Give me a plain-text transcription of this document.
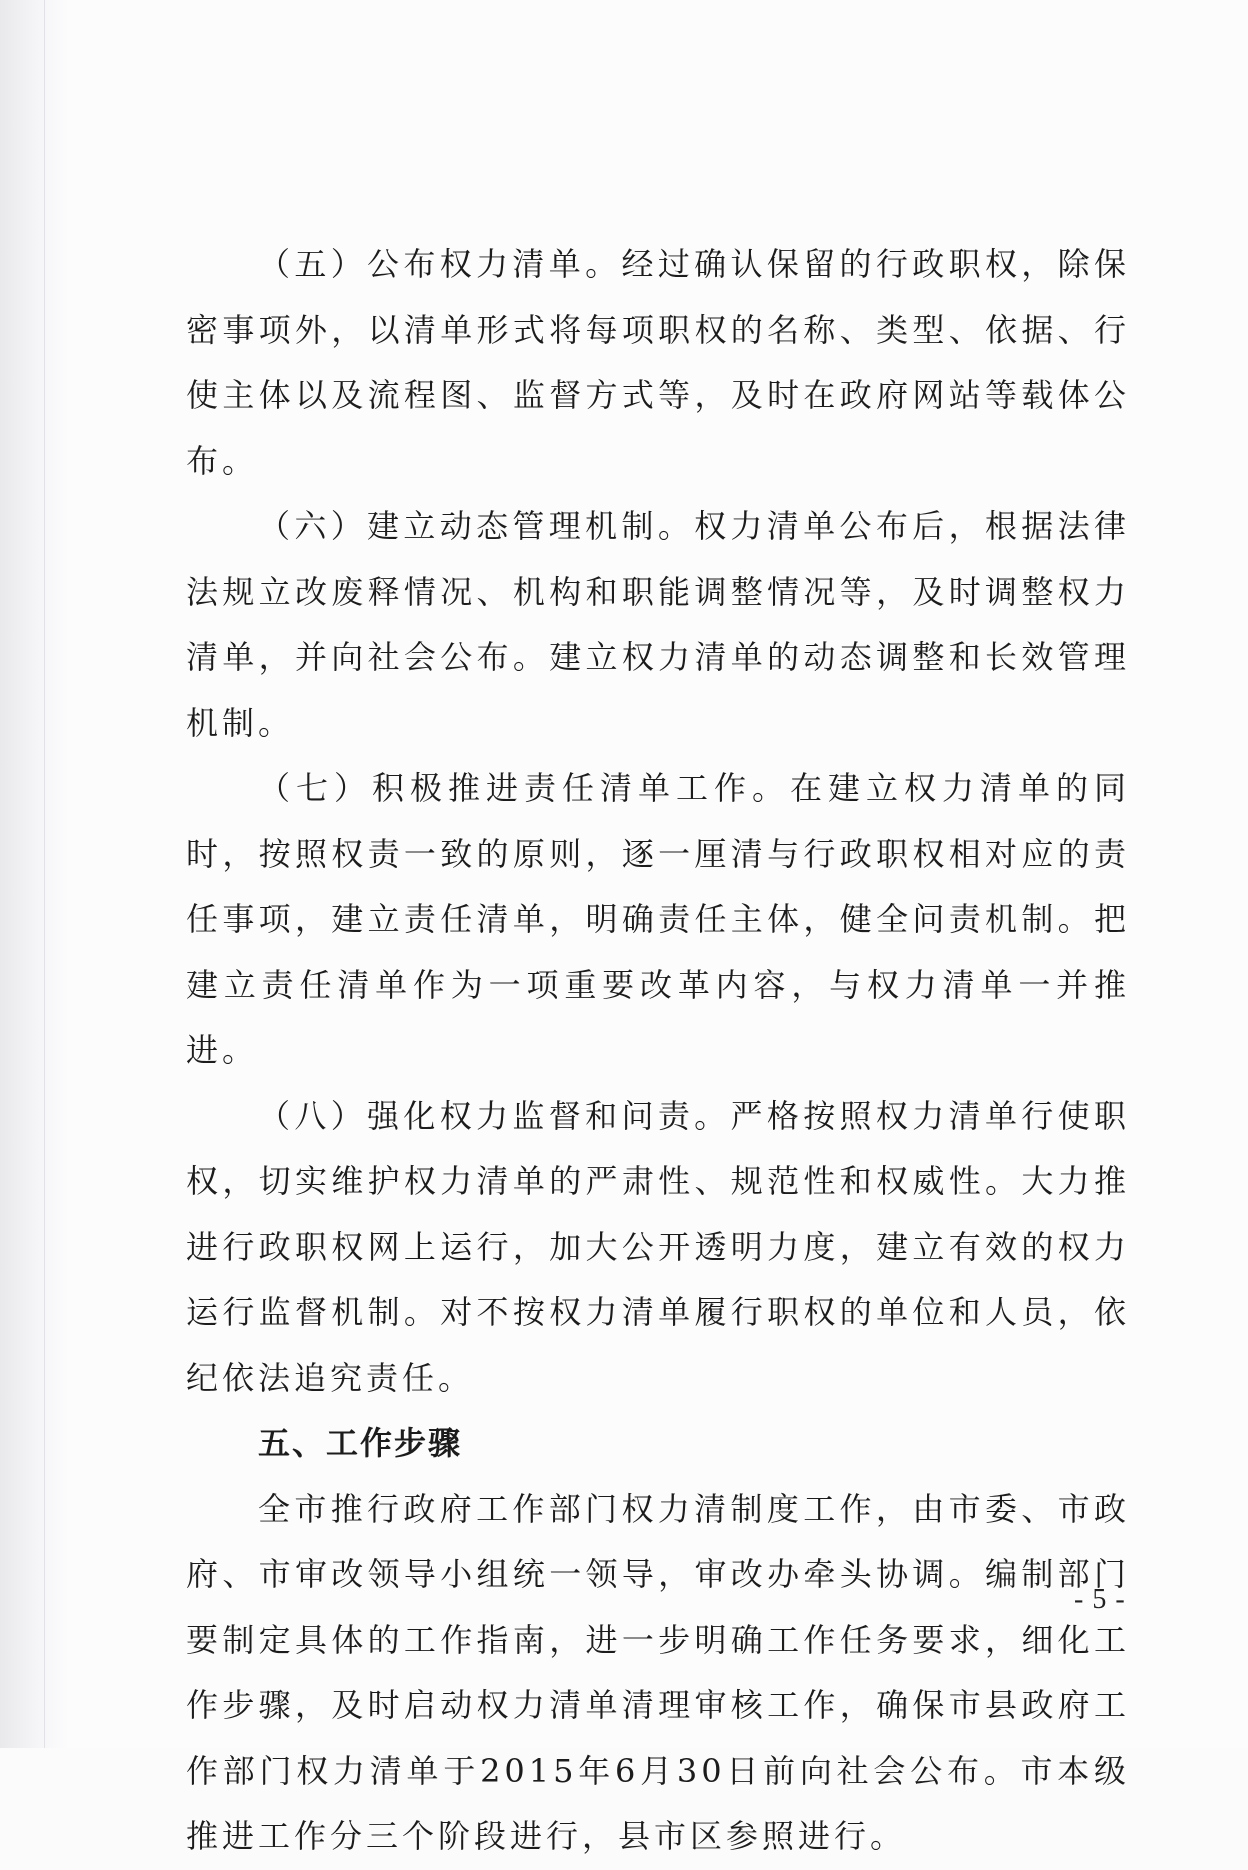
（五）公布权力清单。经过确认保留的行政职权，除保密事项外，以清单形式将每项职权的名称、类型、依据、行使主体以及流程图、监督方式等，及时在政府网站等载体公布。

（六）建立动态管理机制。权力清单公布后，根据法律法规立改废释情况、机构和职能调整情况等，及时调整权力清单，并向社会公布。建立权力清单的动态调整和长效管理机制。

（七）积极推进责任清单工作。在建立权力清单的同时，按照权责一致的原则，逐一厘清与行政职权相对应的责任事项，建立责任清单，明确责任主体，健全问责机制。把建立责任清单作为一项重要改革内容，与权力清单一并推进。

（八）强化权力监督和问责。严格按照权力清单行使职权，切实维护权力清单的严肃性、规范性和权威性。大力推进行政职权网上运行，加大公开透明力度，建立有效的权力运行监督机制。对不按权力清单履行职权的单位和人员，依纪依法追究责任。

五、工作步骤

全市推行政府工作部门权力清制度工作，由市委、市政府、市审改领导小组统一领导，审改办牵头协调。编制部门要制定具体的工作指南，进一步明确工作任务要求，细化工作步骤，及时启动权力清单清理审核工作，确保市县政府工作部门权力清单于2015年6月30日前向社会公布。市本级推进工作分三个阶段进行，县市区参照进行。

- 5 -
